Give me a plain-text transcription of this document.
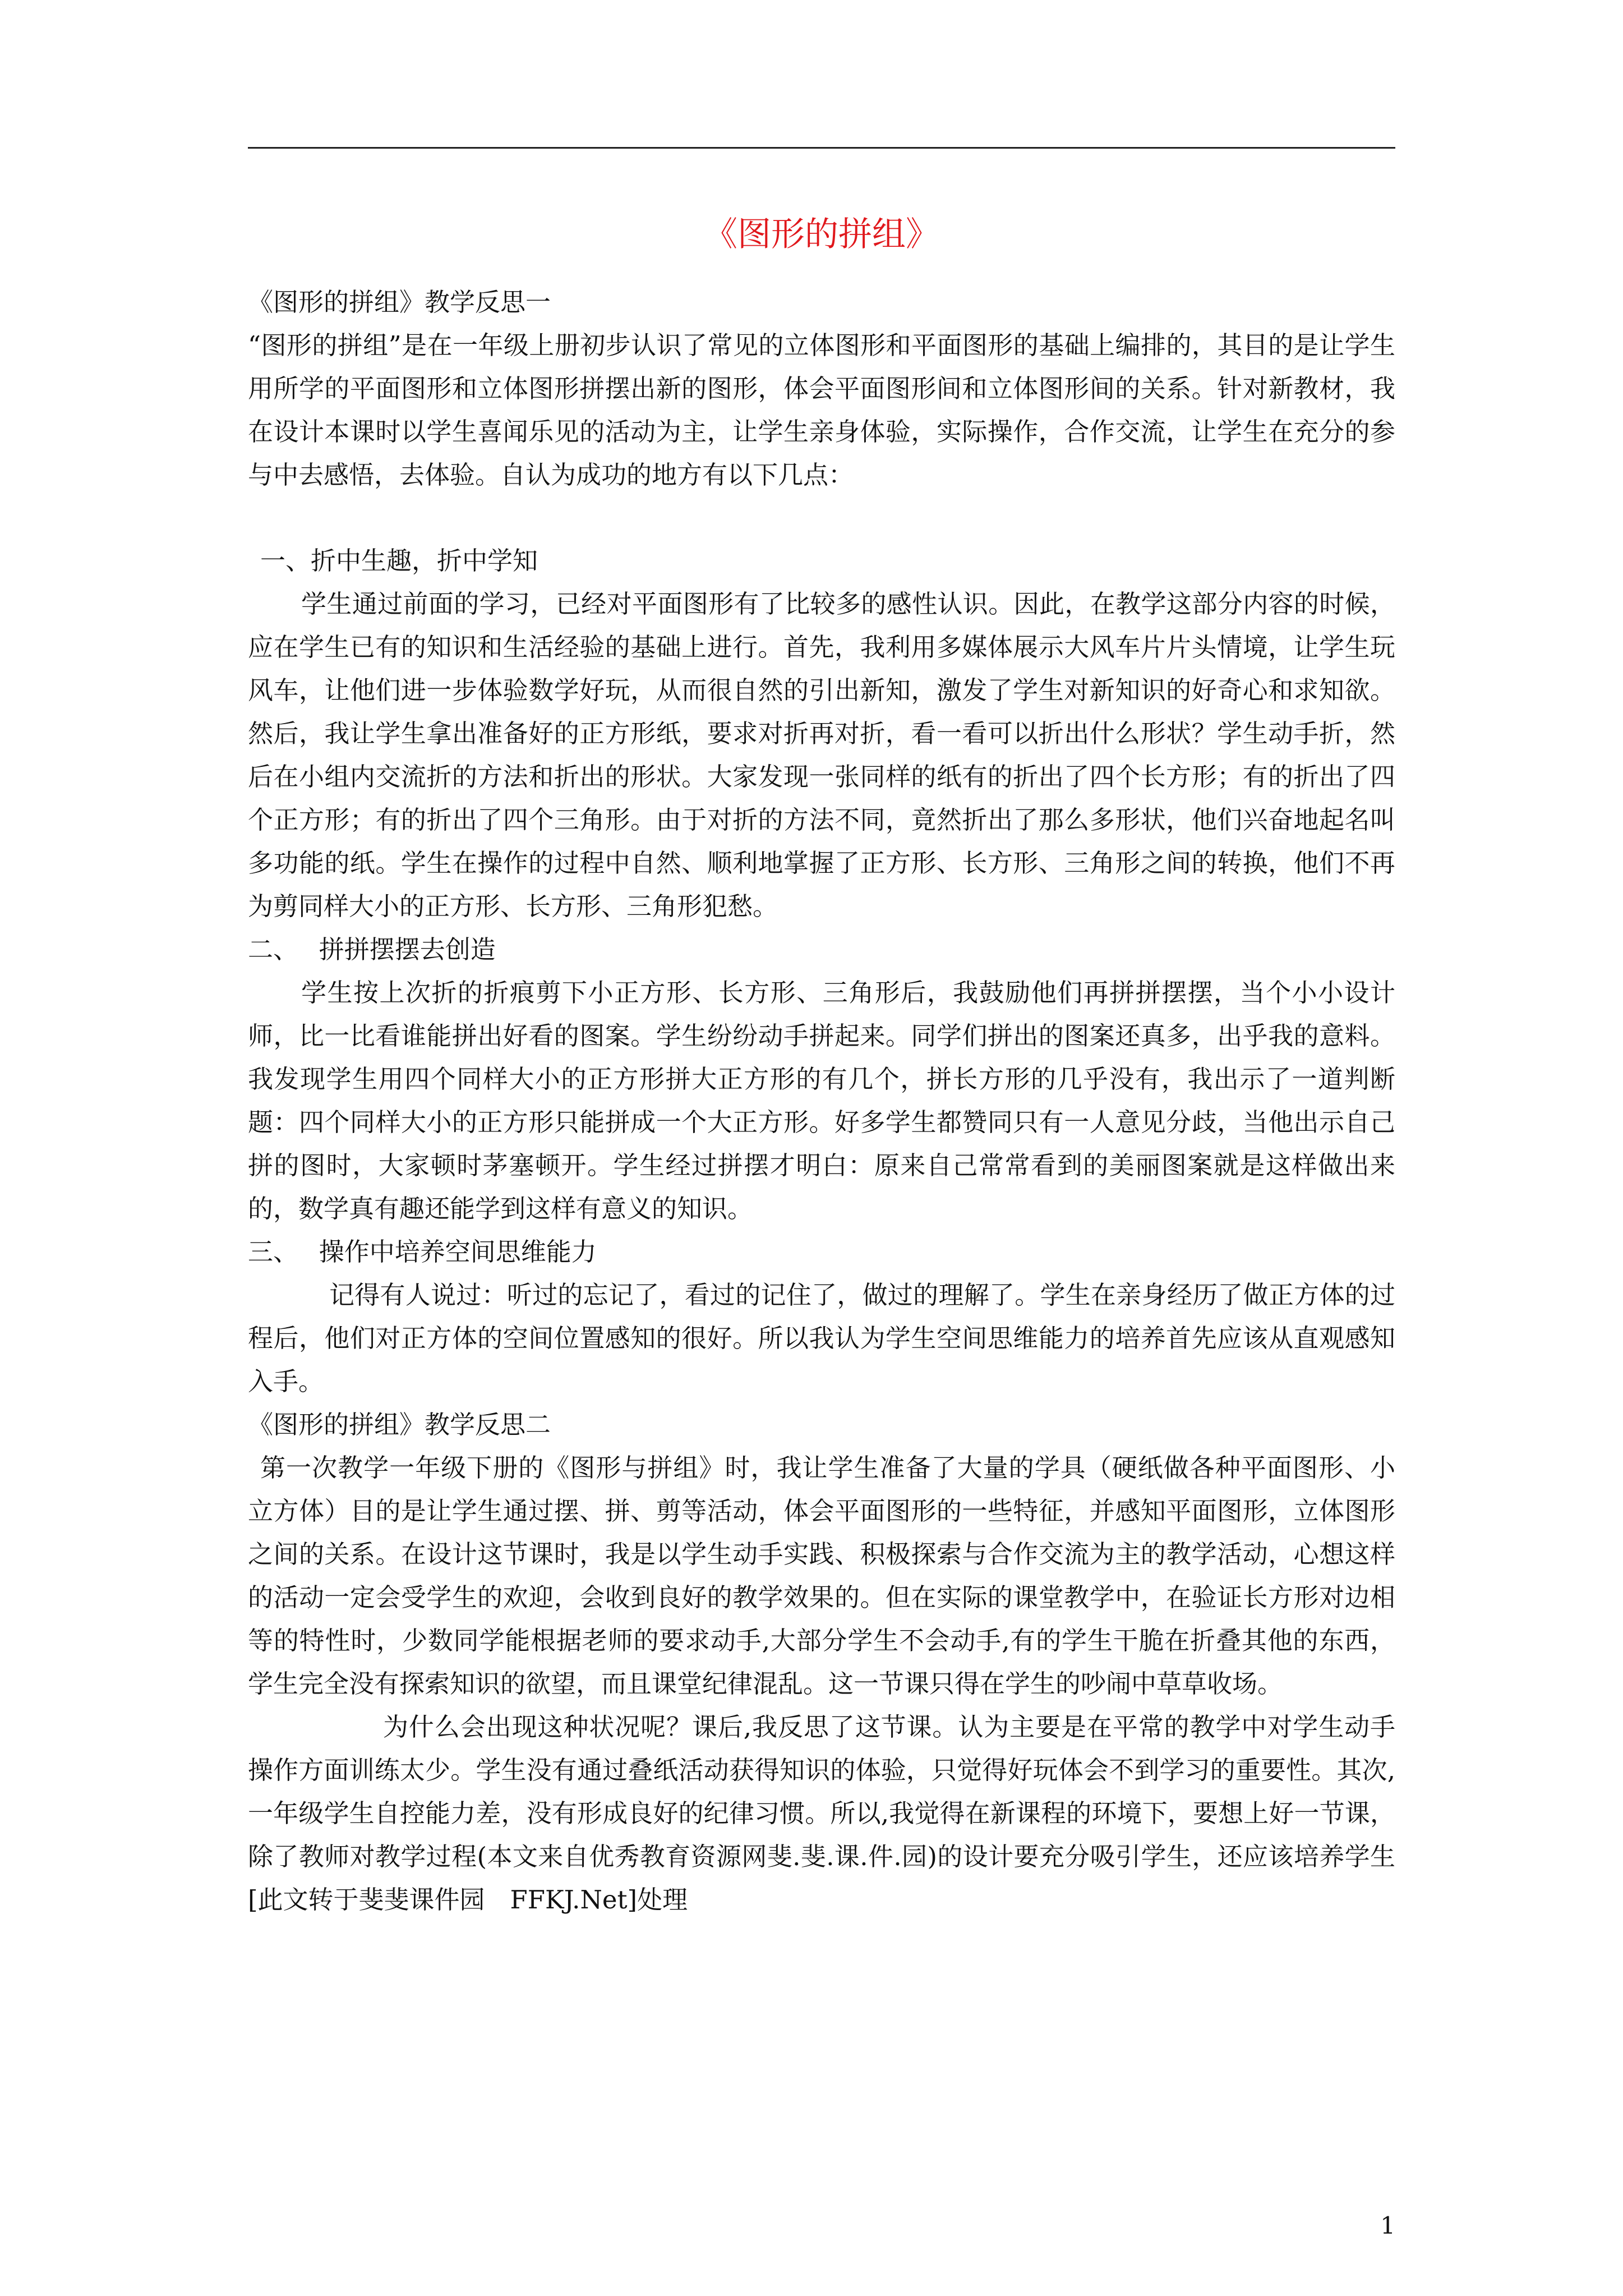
《图形的拼组》

《图形的拼组》教学反思一

“图形的拼组”是在一年级上册初步认识了常见的立体图形和平面图形的基础上编排的，其目的是让学生用所学的平面图形和立体图形拼摆出新的图形，体会平面图形间和立体图形间的关系。针对新教材，我在设计本课时以学生喜闻乐见的活动为主，让学生亲身体验，实际操作，合作交流，让学生在充分的参与中去感悟，去体验。自认为成功的地方有以下几点：

一、折中生趣，折中学知

学生通过前面的学习，已经对平面图形有了比较多的感性认识。因此，在教学这部分内容的时候，应在学生已有的知识和生活经验的基础上进行。首先，我利用多媒体展示大风车片片头情境，让学生玩风车，让他们进一步体验数学好玩，从而很自然的引出新知，激发了学生对新知识的好奇心和求知欲。然后，我让学生拿出准备好的正方形纸，要求对折再对折，看一看可以折出什么形状？学生动手折，然后在小组内交流折的方法和折出的形状。大家发现一张同样的纸有的折出了四个长方形；有的折出了四个正方形；有的折出了四个三角形。由于对折的方法不同，竟然折出了那么多形状，他们兴奋地起名叫多功能的纸。学生在操作的过程中自然、顺利地掌握了正方形、长方形、三角形之间的转换，他们不再为剪同样大小的正方形、长方形、三角形犯愁。

二、　 拼拼摆摆去创造

学生按上次折的折痕剪下小正方形、长方形、三角形后，我鼓励他们再拼拼摆摆，当个小小设计师，比一比看谁能拼出好看的图案。学生纷纷动手拼起来。同学们拼出的图案还真多，出乎我的意料。我发现学生用四个同样大小的正方形拼大正方形的有几个，拼长方形的几乎没有，我出示了一道判断题：四个同样大小的正方形只能拼成一个大正方形。好多学生都赞同只有一人意见分歧，当他出示自己拼的图时，大家顿时茅塞顿开。学生经过拼摆才明白：原来自己常常看到的美丽图案就是这样做出来的，数学真有趣还能学到这样有意义的知识。

三、　 操作中培养空间思维能力

记得有人说过：听过的忘记了，看过的记住了，做过的理解了。学生在亲身经历了做正方体的过程后，他们对正方体的空间位置感知的很好。所以我认为学生空间思维能力的培养首先应该从直观感知入手。

《图形的拼组》教学反思二

第一次教学一年级下册的《图形与拼组》时，我让学生准备了大量的学具（硬纸做各种平面图形、小立方体）目的是让学生通过摆、拼、剪等活动，体会平面图形的一些特征，并感知平面图形，立体图形之间的关系。在设计这节课时，我是以学生动手实践、积极探索与合作交流为主的教学活动，心想这样的活动一定会受学生的欢迎，会收到良好的教学效果的。但在实际的课堂教学中，在验证长方形对边相等的特性时，少数同学能根据老师的要求动手,大部分学生不会动手,有的学生干脆在折叠其他的东西，学生完全没有探索知识的欲望，而且课堂纪律混乱。这一节课只得在学生的吵闹中草草收场。

为什么会出现这种状况呢？课后,我反思了这节课。认为主要是在平常的教学中对学生动手操作方面训练太少。学生没有通过叠纸活动获得知识的体验，只觉得好玩体会不到学习的重要性。其次,一年级学生自控能力差，没有形成良好的纪律习惯。所以,我觉得在新课程的环境下，要想上好一节课，除了教师对教学过程(本文来自优秀教育资源网斐.斐.课.件.园)的设计要充分吸引学生，还应该培养学生[此文转于斐斐课件园　FFKJ.Net]处理

1
